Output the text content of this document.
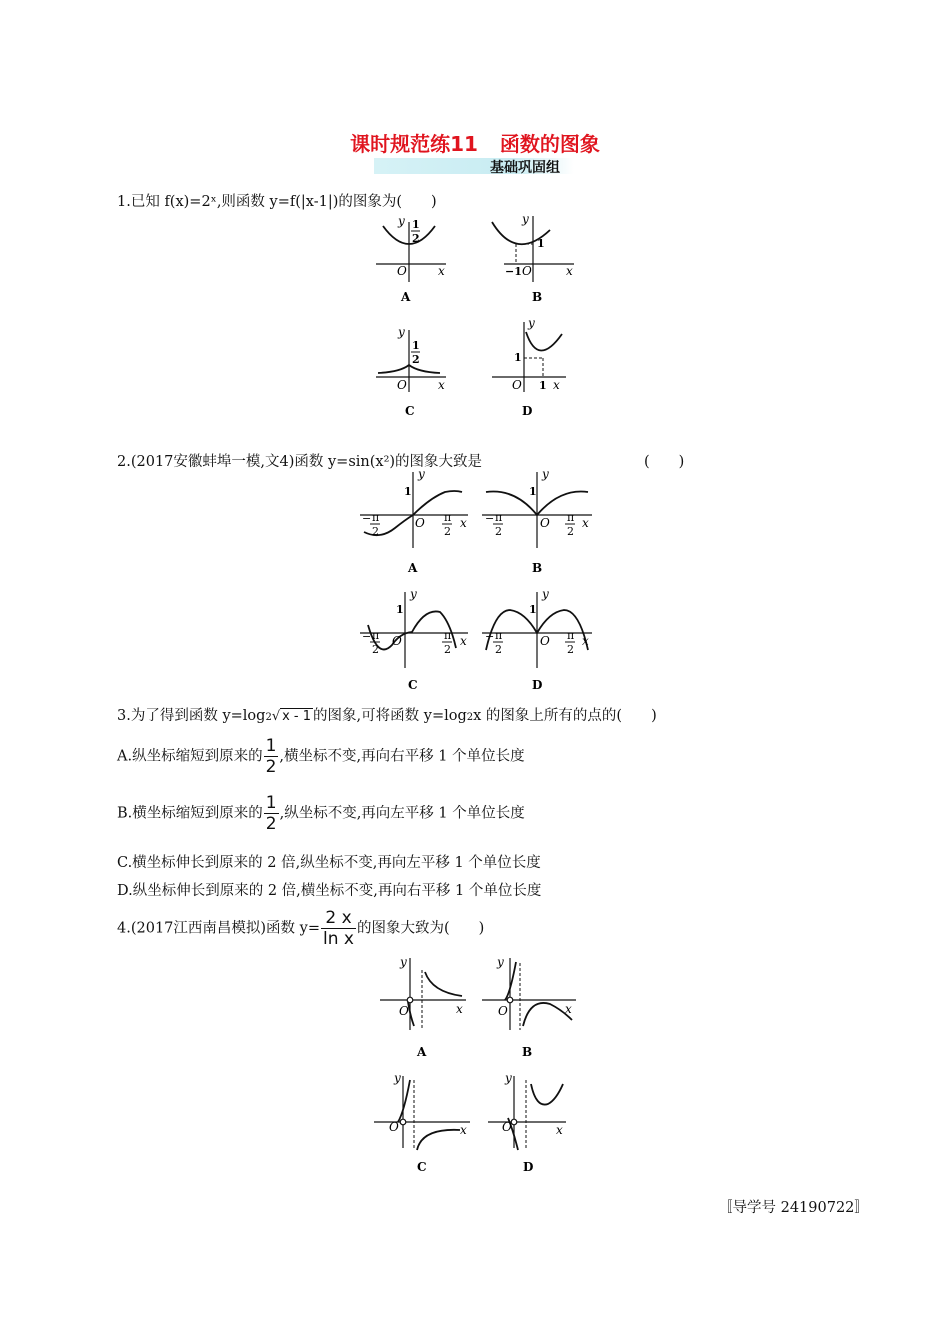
课时规范练11 函数的图象
基础巩固组
1.已知 f(x)=2ˣ,则函数 y=f(|x-1|)的图象为(　　)
y 1
2
O	x
A
y
1
−1 O	x
B
y
1
2
O	x
C
y
1
O 1 x
D
y
1
− π
2
O π
2
x
A
y
1
− π
2
O π
2
x
B
y
1
− π
2
O	π
2
x
C
y
1
− π
2
O π
2
x
D
y
O	x
A
y
O	x
B
y
O	x
C
y
O	x
D
2.(2017安徽蚌埠一模,文4)函数 y=sin(x²)的图象大致是	(　　)
3.为了得到函数 y=log2√ x - 1 的图象,可将函数 y=log2x 的图象上所有的点的(　　)
A.纵坐标缩短到原来的 $\frac{1}{2}$ ,横坐标不变,再向右平移 1 个单位长度
B.横坐标缩短到原来的 $\frac{1}{2}$ ,纵坐标不变,再向左平移 1 个单位长度
C.横坐标伸长到原来的 2 倍,纵坐标不变,再向左平移 1 个单位长度
D.纵坐标伸长到原来的 2 倍,横坐标不变,再向右平移 1 个单位长度
4.(2017江西南昌模拟)函数 $y= \frac{2 x}{\text{ln x}}$ 的图象大致为(　　)
〚导学号 24190722〛
